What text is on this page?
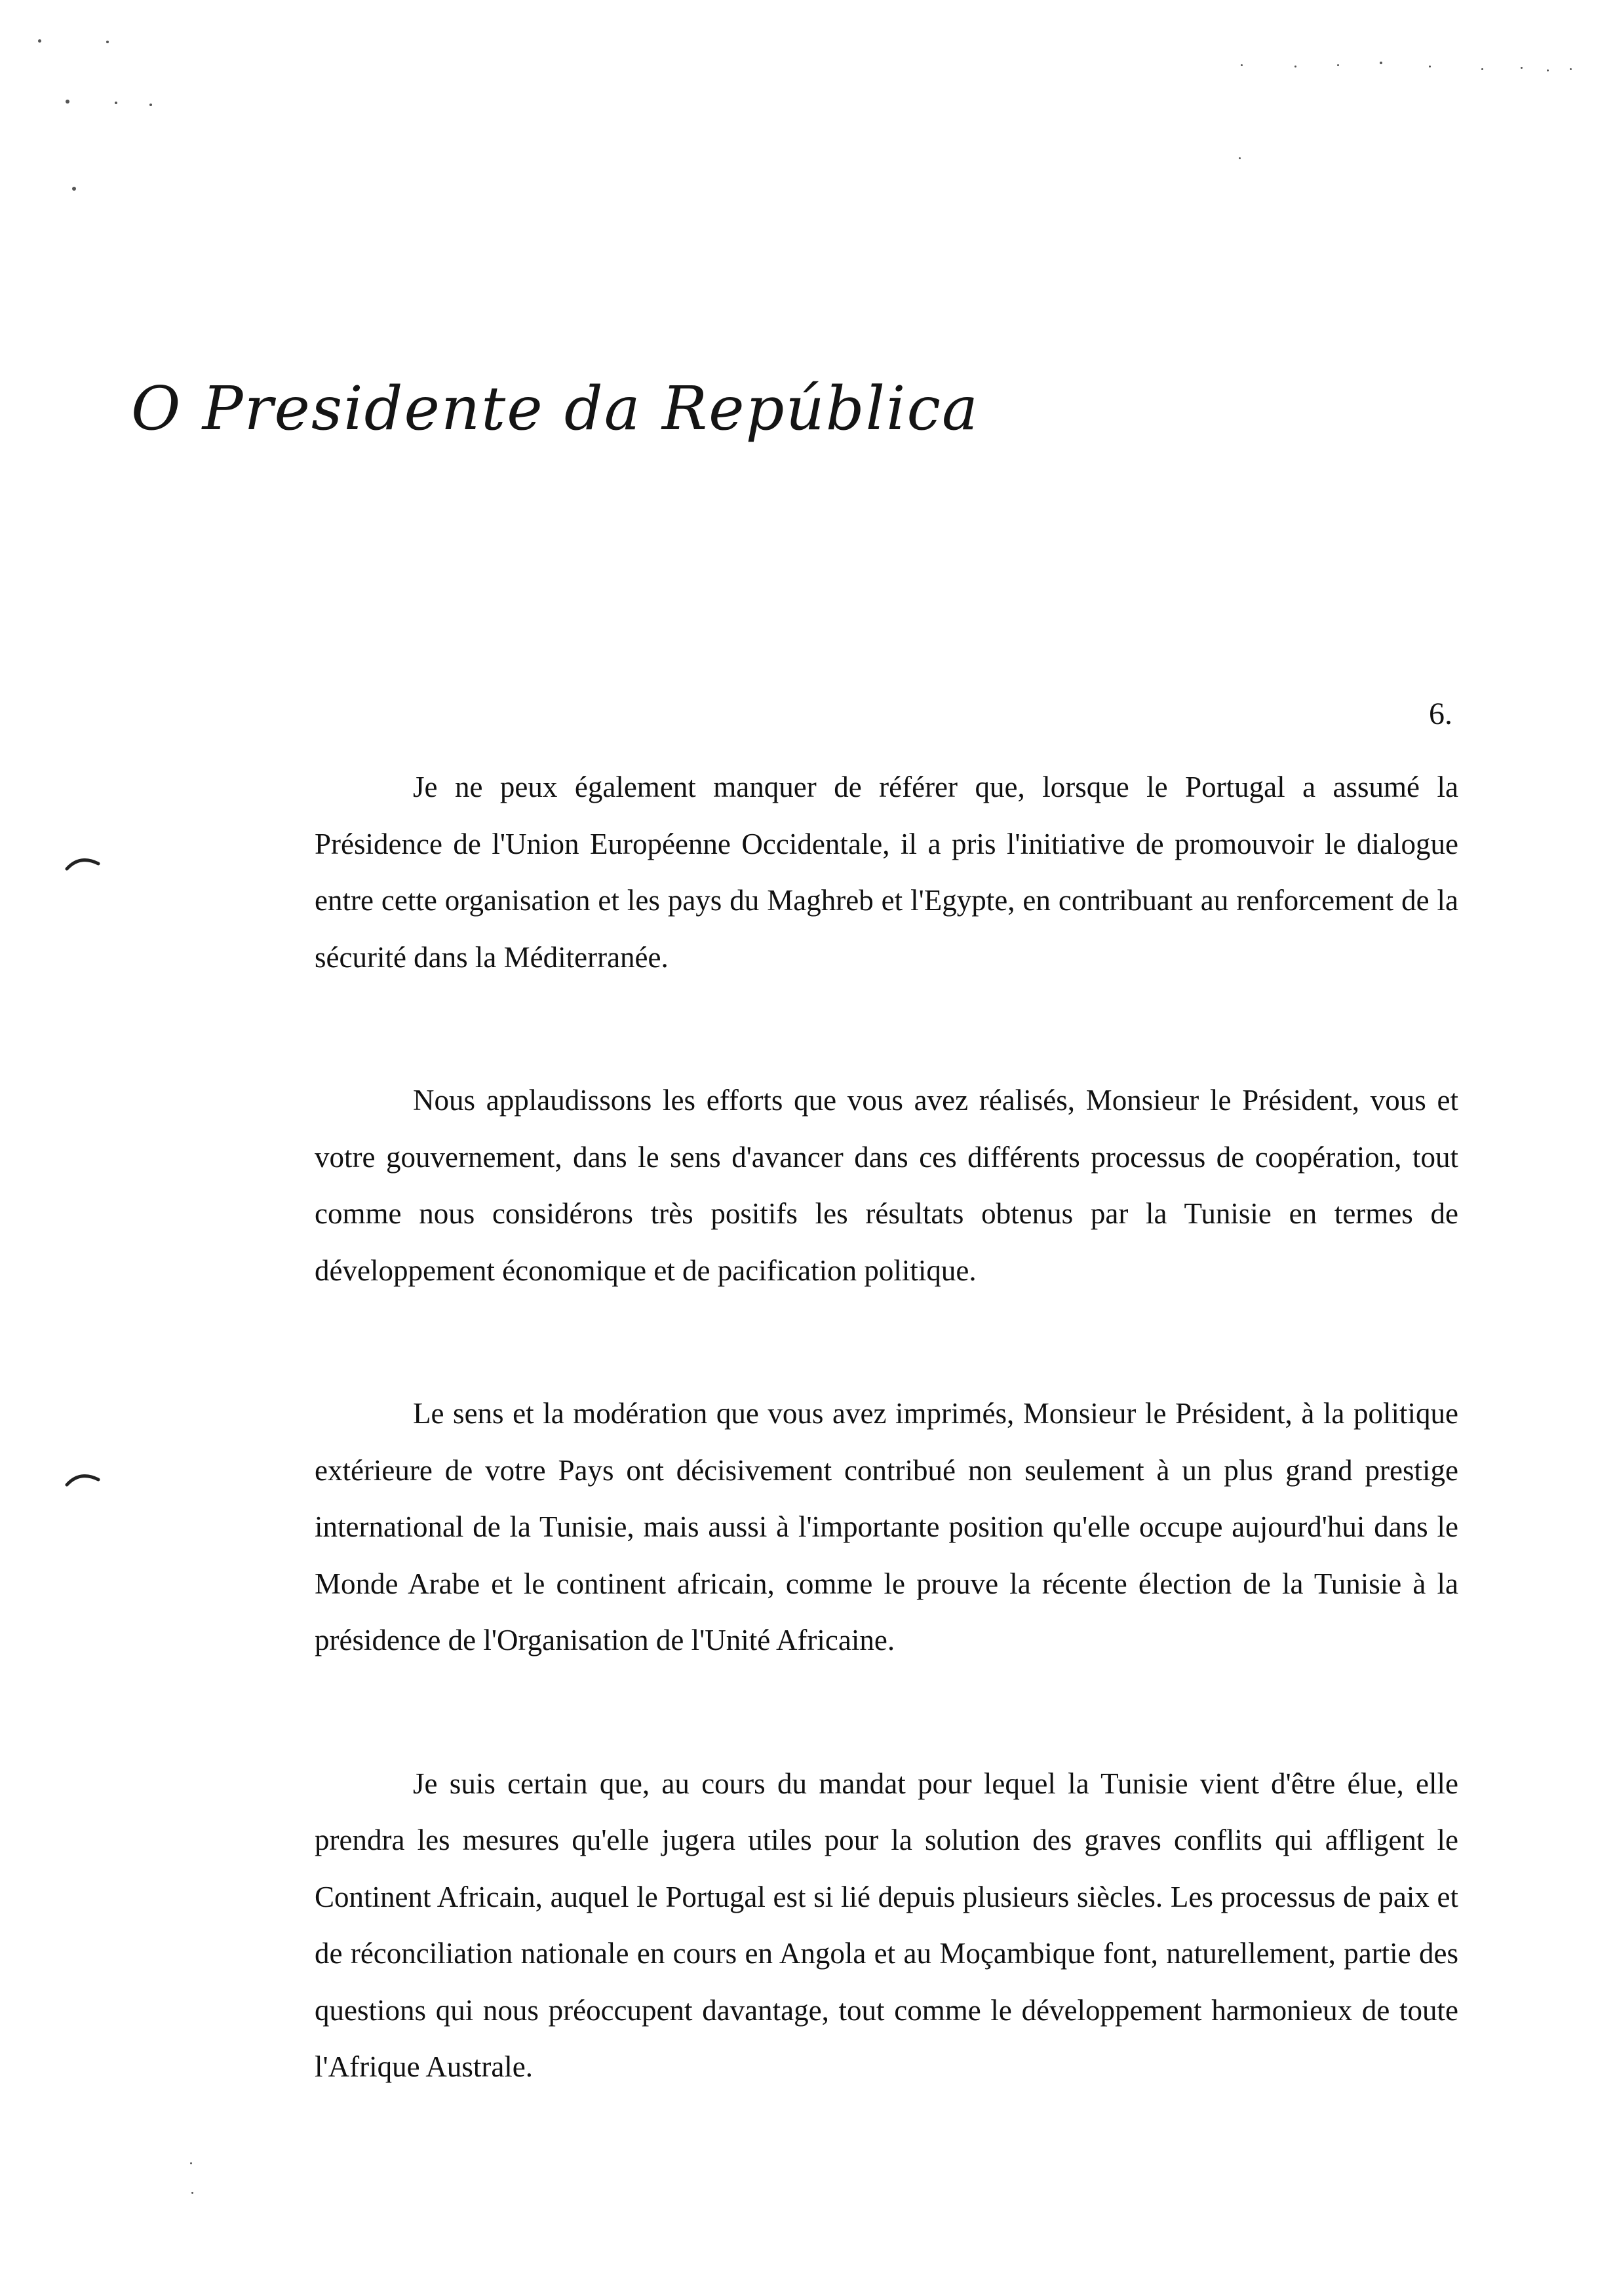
O Presidente da República
6.

Je ne peux également manquer de référer que, lorsque le Portugal a assumé la Présidence de l'Union Européenne Occidentale, il a pris l'initiative de promouvoir le dialogue entre cette organisation et les pays du Maghreb et l'Egypte, en contribuant au renforcement de la sécurité dans la Méditerranée.

Nous applaudissons les efforts que vous avez réalisés, Monsieur le Président, vous et votre gouvernement, dans le sens d'avancer dans ces différents processus de coopération, tout comme nous considérons très positifs les résultats obtenus par la Tunisie en termes de développement économique et de pacification politique.

Le sens et la modération que vous avez imprimés, Monsieur le Président, à la politique extérieure de votre Pays ont décisivement contribué non seulement à un plus grand prestige international de la Tunisie, mais aussi à l'importante position qu'elle occupe aujourd'hui dans le Monde Arabe et le continent africain, comme le prouve la récente élection de la Tunisie à la présidence de l'Organisation de l'Unité Africaine.

Je suis certain que, au cours du mandat pour lequel la Tunisie vient d'être élue, elle prendra les mesures qu'elle jugera utiles pour la solution des graves conflits qui affligent le Continent Africain, auquel le Portugal est si lié depuis plusieurs siècles. Les processus de paix et de réconciliation nationale en cours en Angola et au Moçambique font, naturellement, partie des questions qui nous préoccupent davantage, tout comme le développement harmonieux de toute l'Afrique Australe.
